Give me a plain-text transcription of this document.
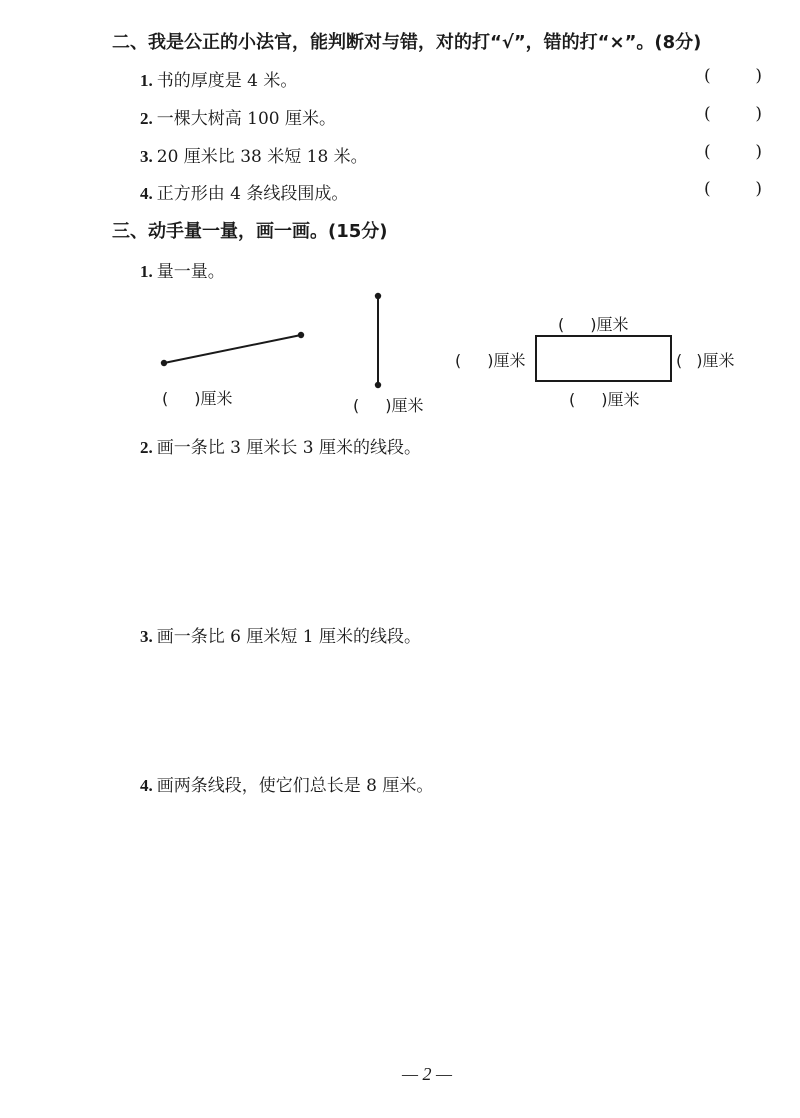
二、我是公正的小法官，能判断对与错，对的打“√”，错的打“×”。(8分)
1. 书的厚度是 4 米。	(	)
2. 一棵大树高 100 厘米。	(	)
3. 20 厘米比 38 米短 18 米。	(	)
4. 正方形由 4 条线段围成。	(	)
三、动手量一量，画一画。(15分)
1. 量一量。
( )厘米	( )厘米
( )厘米
( )厘米	( )厘米
( )厘米
2. 画一条比 3 厘米长 3 厘米的线段。
3. 画一条比 6 厘米短 1 厘米的线段。
4. 画两条线段，使它们总长是 8 厘米。
— 2 —
